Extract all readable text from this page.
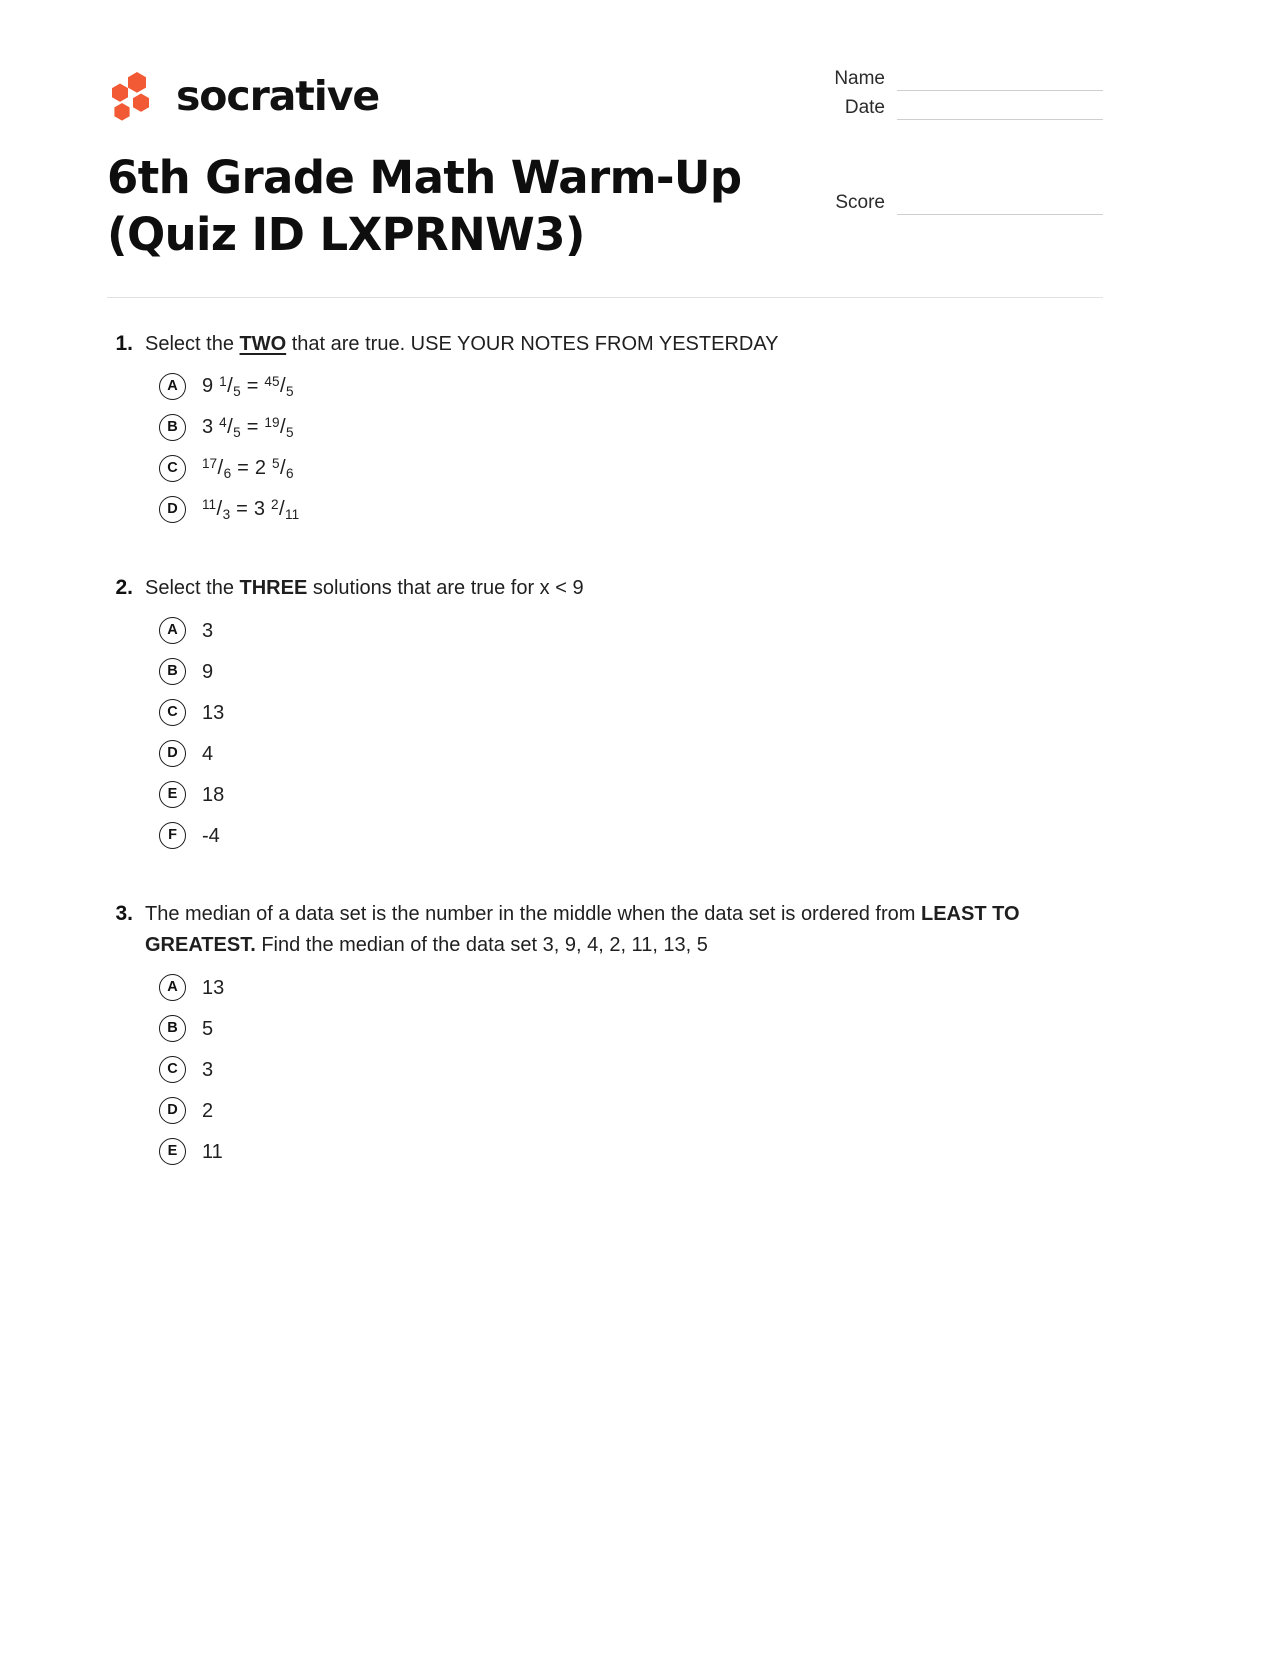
socrative	Name
Date
Score
6th Grade Math Warm-Up (Quiz ID LXPRNW3)
1. Select the TWO that are true. USE YOUR NOTES FROM YESTERDAY
A	9 $^1/_5 = ^{45}/_5$
B	3 $^4/_5 = ^{19}/_5$
C	$^{17}/_6 = 2$ $^5/_6$
D	$^{11}/_3 = 3$ $^2/_{11}$
2. Select the THREE solutions that are true for x < 9
A	3
B	9
C	13
D	4
E	18
F	-4
3. The median of a data set is the number in the middle when the data set is ordered from LEAST TO GREATEST. Find the median of the data set 3, 9, 4, 2, 11, 13, 5
A	13
B	5
C	3
D	2
E	11
